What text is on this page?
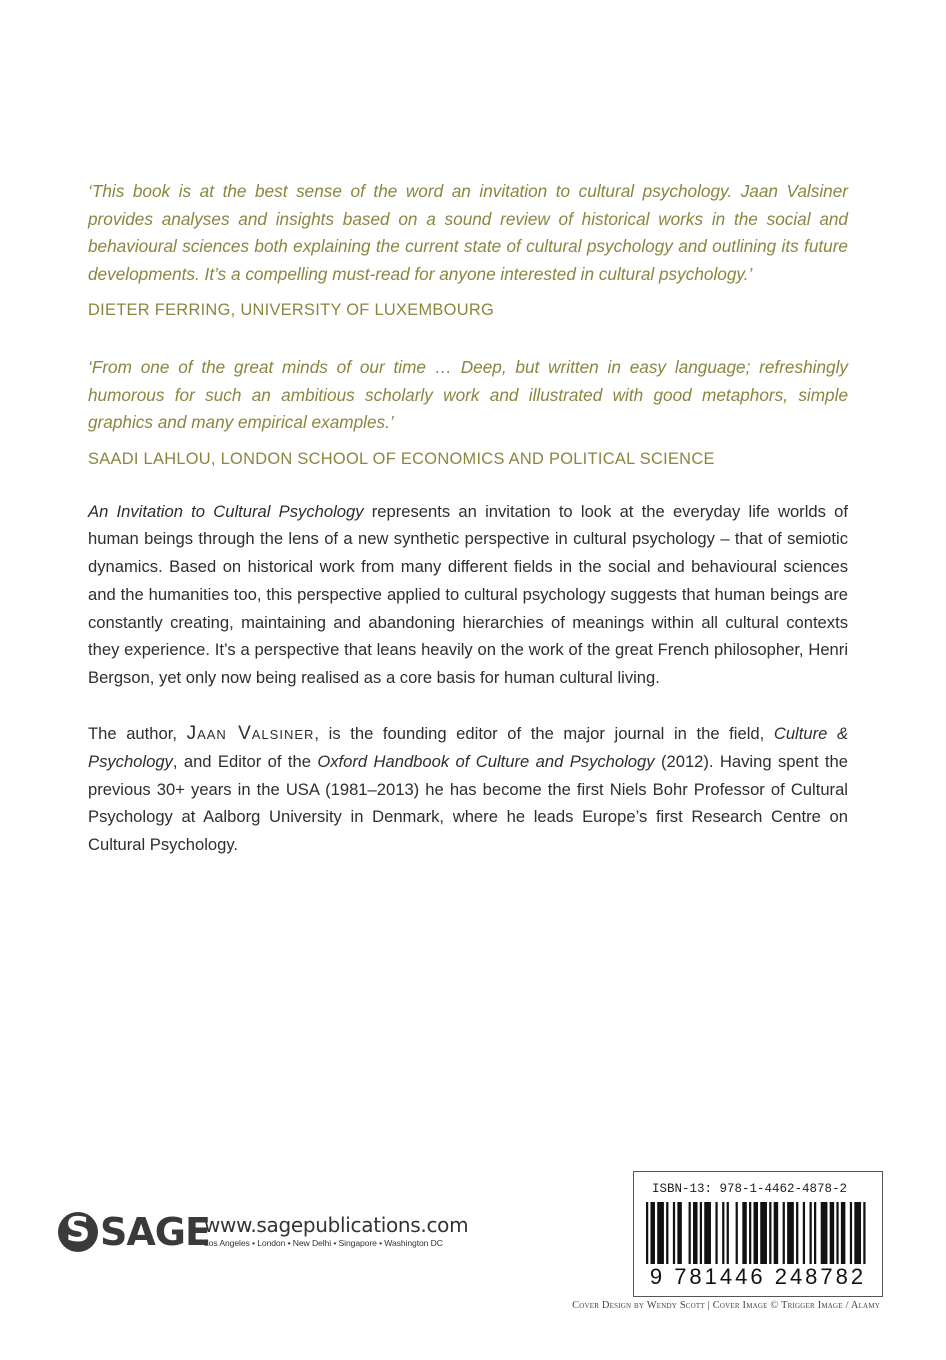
‘This book is at the best sense of the word an invitation to cultural psychology. Jaan Valsiner provides analyses and insights based on a sound review of historical works in the social and behavioural sciences both explaining the current state of cultural psychology and outlining its future developments. It’s a compelling must-read for anyone interested in cultural psychology.’

DIETER FERRING, UNIVERSITY OF LUXEMBOURG

‘From one of the great minds of our time … Deep, but written in easy language; refreshingly humorous for such an ambitious scholarly work and illustrated with good metaphors, simple graphics and many empirical examples.’

SAADI LAHLOU, LONDON SCHOOL OF ECONOMICS AND POLITICAL SCIENCE

An Invitation to Cultural Psychology represents an invitation to look at the everyday life worlds of human beings through the lens of a new synthetic perspective in cultural psychology – that of semiotic dynamics. Based on historical work from many different fields in the social and behavioural sciences and the humanities too, this perspective applied to cultural psychology suggests that human beings are constantly creating, maintaining and abandoning hierarchies of meanings within all cultural contexts they experience. It’s a perspective that leans heavily on the work of the great French philosopher, Henri Bergson, yet only now being realised as a core basis for human cultural living.

The author, Jaan Valsiner, is the founding editor of the major journal in the field, Culture & Psychology, and Editor of the Oxford Handbook of Culture and Psychology (2012). Having spent the previous 30+ years in the USA (1981–2013) he has become the first Niels Bohr Professor of Cultural Psychology at Aalborg University in Denmark, where he leads Europe’s first Research Centre on Cultural Psychology.

S
SAGE
www.sagepublications.com
Los Angeles • London • New Delhi • Singapore • Washington DC
ISBN-13: 978-1-4462-4878-2
9 781446 248782
Cover Design by Wendy Scott | Cover Image © Trigger Image / Alamy
